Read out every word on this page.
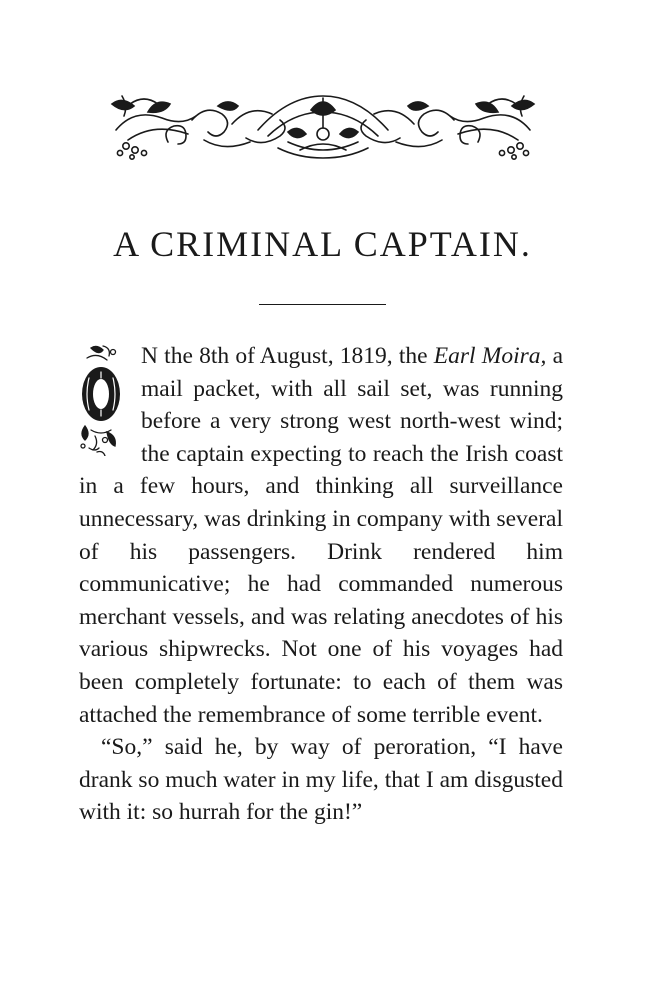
A CRIMINAL CAPTAIN.

N the 8th of August, 1819, the Earl Moira, a mail packet, with all sail set, was running before a very strong west north-west wind; the captain expecting to reach the Irish coast in a few hours, and thinking all surveillance unnecessary, was drinking in company with several of his passengers. Drink rendered him communicative; he had commanded numerous merchant vessels, and was relating anecdotes of his various shipwrecks. Not one of his voyages had been completely fortunate: to each of them was attached the remembrance of some terrible event.

“So,” said he, by way of peroration, “I have drank so much water in my life, that I am disgusted with it: so hurrah for the gin!”
